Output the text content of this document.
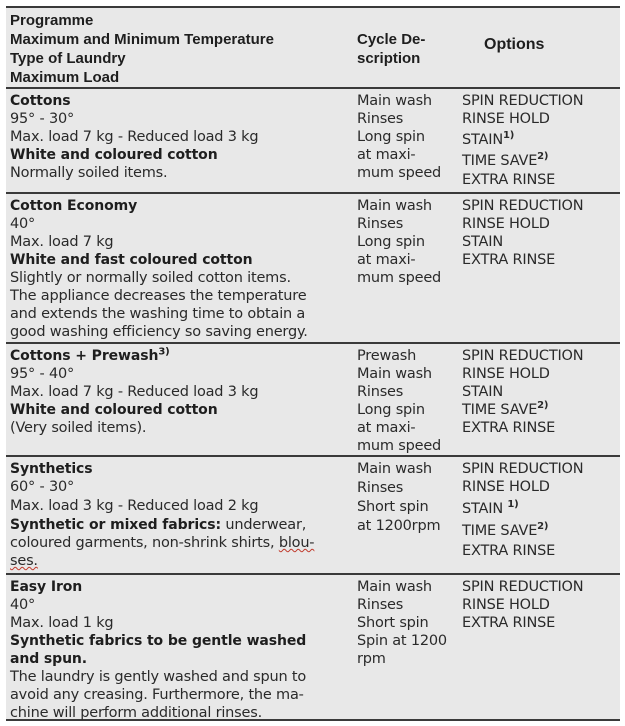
Programme
Maximum and Minimum Temperature
Type of Laundry
Maximum Load
Cycle De-
scription
Options
Cottons
95° - 30°
Max. load 7 kg - Reduced load 3 kg
White and coloured cotton
Normally soiled items.
Main wash
Rinses
Long spin
at maxi-
mum speed
SPIN REDUCTION
RINSE HOLD
STAIN$^{1)}$
TIME SAVE$^{2)}$
EXTRA RINSE
Cotton Economy
40°
Max. load 7 kg
White and fast coloured cotton
Slightly or normally soiled cotton items.
The appliance decreases the temperature
and extends the washing time to obtain a
good washing efficiency so saving energy.
Main wash
Rinses
Long spin
at maxi-
mum speed
SPIN REDUCTION
RINSE HOLD
STAIN
EXTRA RINSE
Cottons + Prewash$^{3)}$
95° - 40°
Max. load 7 kg - Reduced load 3 kg
White and coloured cotton
(Very soiled items).
Prewash
Main wash
Rinses
Long spin
at maxi-
mum speed
SPIN REDUCTION
RINSE HOLD
STAIN
TIME SAVE$^{2)}$
EXTRA RINSE
Synthetics
60° - 30°
Max. load 3 kg - Reduced load 2 kg
Synthetic or mixed fabrics: underwear,
coloured garments, non-shrink shirts, blou-
ses.
Main wash
Rinses
Short spin
at 1200rpm
SPIN REDUCTION
RINSE HOLD
STAIN $^{1)}$
TIME SAVE$^{2)}$
EXTRA RINSE
Easy Iron
40°
Max. load 1 kg
Synthetic fabrics to be gentle washed
and spun.
The laundry is gently washed and spun to
avoid any creasing. Furthermore, the ma-
chine will perform additional rinses.
Main wash
Rinses
Short spin
Spin at 1200
rpm
SPIN REDUCTION
RINSE HOLD
EXTRA RINSE
